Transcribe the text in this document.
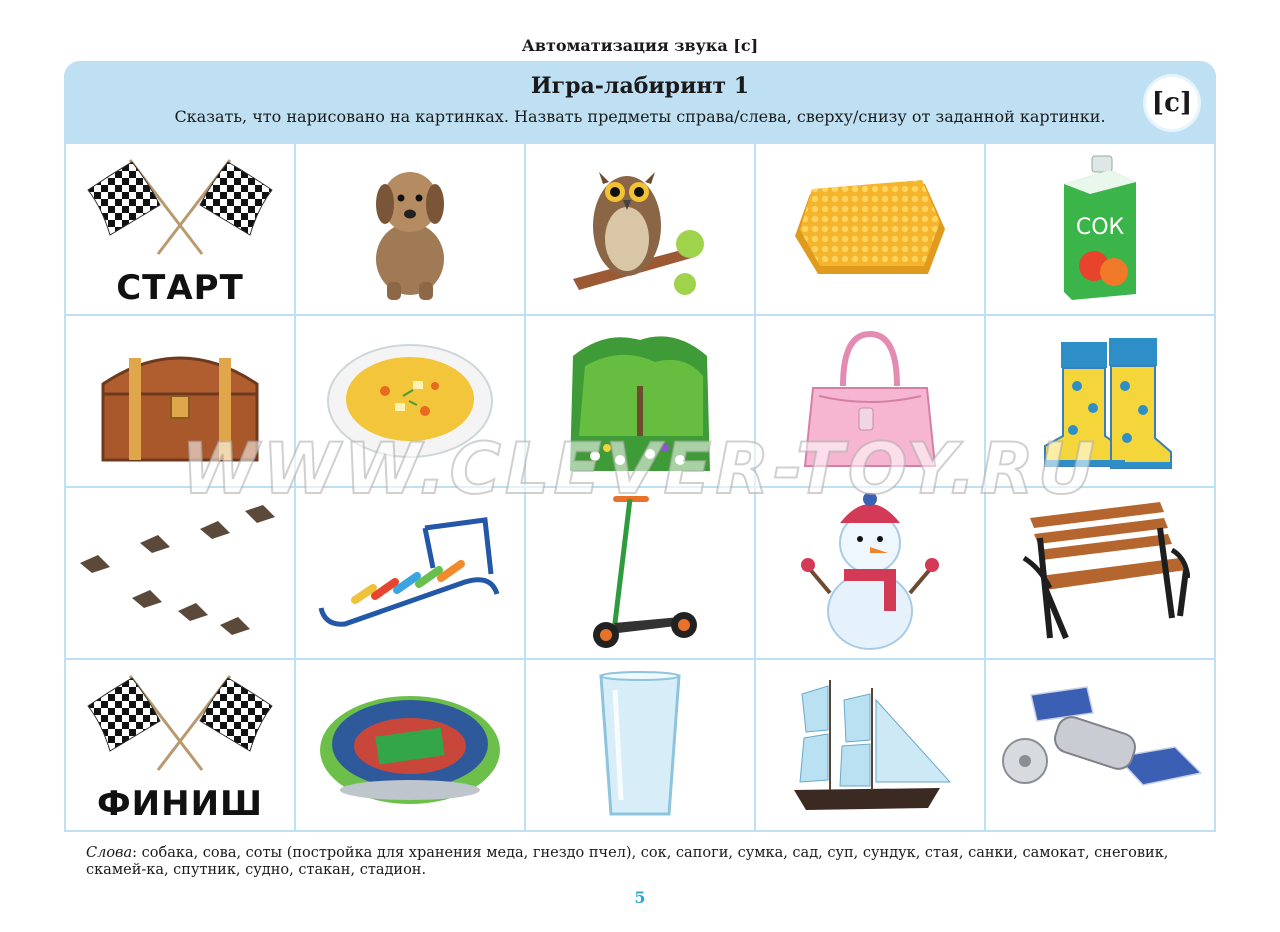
Автоматизация звука [с]
Игра-лабиринт 1
Сказать, что нарисовано на картинках. Назвать предметы справа/слева, сверху/снизу от заданной картинки.	[с]
СТАРТ
СОК
ФИНИШ
WWW.CLEVER-TOY.RU
Слова: собака, сова, соты (постройка для хранения меда, гнездо пчел), сок, сапоги, сумка, сад, суп, сундук, стая, санки, самокат, снеговик, скамей-ка, спутник, судно, стакан, стадион.
5
